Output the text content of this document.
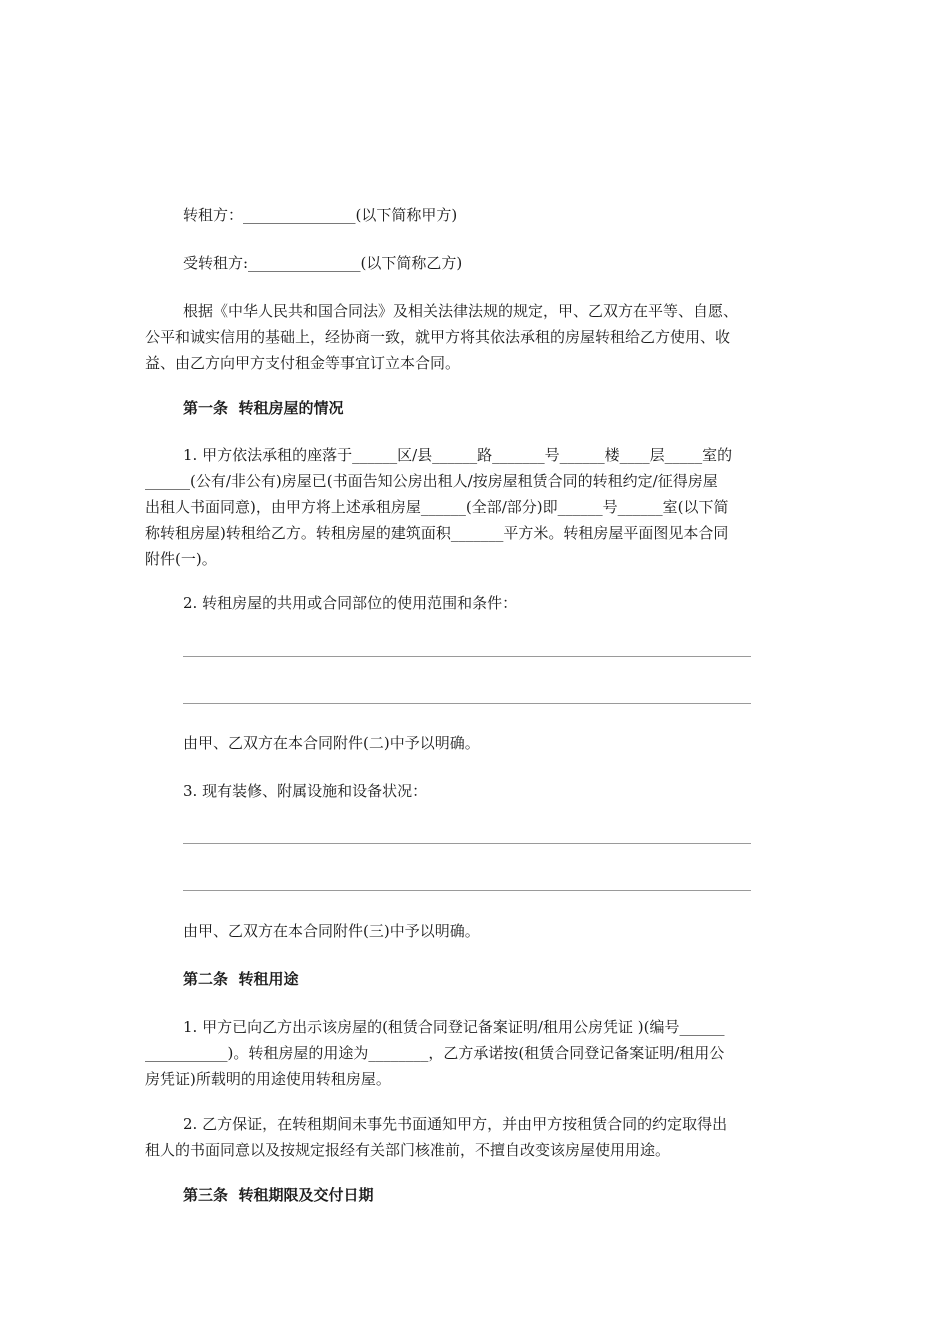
转租方：_______________(以下简称甲方)

受转租方:_______________(以下简称乙方)

根据《中华人民共和国合同法》及相关法律法规的规定，甲、乙双方在平等、自愿、

公平和诚实信用的基础上，经协商一致，就甲方将其依法承租的房屋转租给乙方使用、收

益、由乙方向甲方支付租金等事宜订立本合同。

第一条  转租房屋的情况

1. 甲方依法承租的座落于______区/县______路_______号______楼____层_____室的

______(公有/非公有)房屋已(书面告知公房出租人/按房屋租赁合同的转租约定/征得房屋

出租人书面同意)，由甲方将上述承租房屋______(全部/部分)即______号______室(以下简

称转租房屋)转租给乙方。转租房屋的建筑面积_______平方米。转租房屋平面图见本合同

附件(一)。

2. 转租房屋的共用或合同部位的使用范围和条件：

由甲、乙双方在本合同附件(二)中予以明确。

3. 现有装修、附属设施和设备状况：

由甲、乙双方在本合同附件(三)中予以明确。

第二条  转租用途

1. 甲方已向乙方出示该房屋的(租赁合同登记备案证明/租用公房凭证 )(编号______

___________)。转租房屋的用途为________，乙方承诺按(租赁合同登记备案证明/租用公

房凭证)所载明的用途使用转租房屋。

2. 乙方保证，在转租期间未事先书面通知甲方，并由甲方按租赁合同的约定取得出

租人的书面同意以及按规定报经有关部门核准前，不擅自改变该房屋使用用途。

第三条  转租期限及交付日期
